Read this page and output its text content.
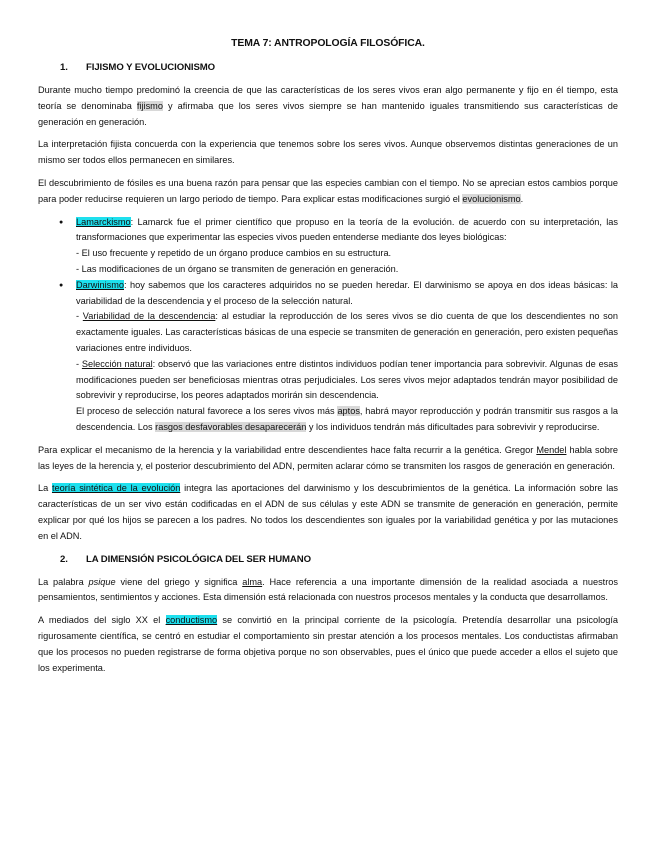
TEMA 7: ANTROPOLOGÍA FILOSÓFICA.
1. FIJISMO Y EVOLUCIONISMO

Durante mucho tiempo predominó la creencia de que las características de los seres vivos eran algo permanente y fijo en él tiempo, esta teoría se denominaba fijismo y afirmaba que los seres vivos siempre se han mantenido iguales transmitiendo sus características de generación en generación.

La interpretación fijista concuerda con la experiencia que tenemos sobre los seres vivos. Aunque observemos distintas generaciones de un mismo ser todos ellos permanecen en similares.

El descubrimiento de fósiles es una buena razón para pensar que las especies cambian con el tiempo. No se aprecian estos cambios porque para poder reducirse requieren un largo periodo de tiempo. Para explicar estas modificaciones surgió el evolucionismo.

● Lamarckismo: Lamarck fue el primer científico que propuso en la teoría de la evolución. de acuerdo con su interpretación, las transformaciones que experimentar las especies vivos pueden entenderse mediante dos leyes biológicas:
- El uso frecuente y repetido de un órgano produce cambios en su estructura.
- Las modificaciones de un órgano se transmiten de generación en generación.
● Darwinismo: hoy sabemos que los caracteres adquiridos no se pueden heredar. El darwinismo se apoya en dos ideas básicas: la variabilidad de la descendencia y el proceso de la selección natural.
- Variabilidad de la descendencia: al estudiar la reproducción de los seres vivos se dio cuenta de que los descendientes no son exactamente iguales. Las características básicas de una especie se transmiten de generación en generación, pero existen pequeñas variaciones entre individuos.
- Selección natural: observó que las variaciones entre distintos individuos podían tener importancia para sobrevivir. Algunas de esas modificaciones pueden ser beneficiosas mientras otras perjudiciales. Los seres vivos mejor adaptados tendrán mayor posibilidad de sobrevivir y reproducirse, los peores adaptados morirán sin descendencia.
El proceso de selección natural favorece a los seres vivos más aptos, habrá mayor reproducción y podrán transmitir sus rasgos a la descendencia. Los rasgos desfavorables desaparecerán y los individuos tendrán más dificultades para sobrevivir y reproducirse.

Para explicar el mecanismo de la herencia y la variabilidad entre descendientes hace falta recurrir a la genética. Gregor Mendel habla sobre las leyes de la herencia y, el posterior descubrimiento del ADN, permiten aclarar cómo se transmiten los rasgos de generación en generación.

La teoría sintética de la evolución integra las aportaciones del darwinismo y los descubrimientos de la genética. La información sobre las características de un ser vivo están codificadas en el ADN de sus células y este ADN se transmite de generación en generación, permite explicar por qué los hijos se parecen a los padres. No todos los descendientes son iguales por la variabilidad genética y por las mutaciones en el ADN.

2. LA DIMENSIÓN PSICOLÓGICA DEL SER HUMANO

La palabra psique viene del griego y significa alma. Hace referencia a una importante dimensión de la realidad asociada a nuestros pensamientos, sentimientos y acciones. Esta dimensión está relacionada con nuestros procesos mentales y la conducta que desarrollamos.

A mediados del siglo XX el conductismo se convirtió en la principal corriente de la psicología. Pretendía desarrollar una psicología rigurosamente científica, se centró en estudiar el comportamiento sin prestar atención a los procesos mentales. Los conductistas afirmaban que los procesos no pueden registrarse de forma objetiva porque no son observables, pues el único que puede acceder a ellos el sujeto que los experimenta.
